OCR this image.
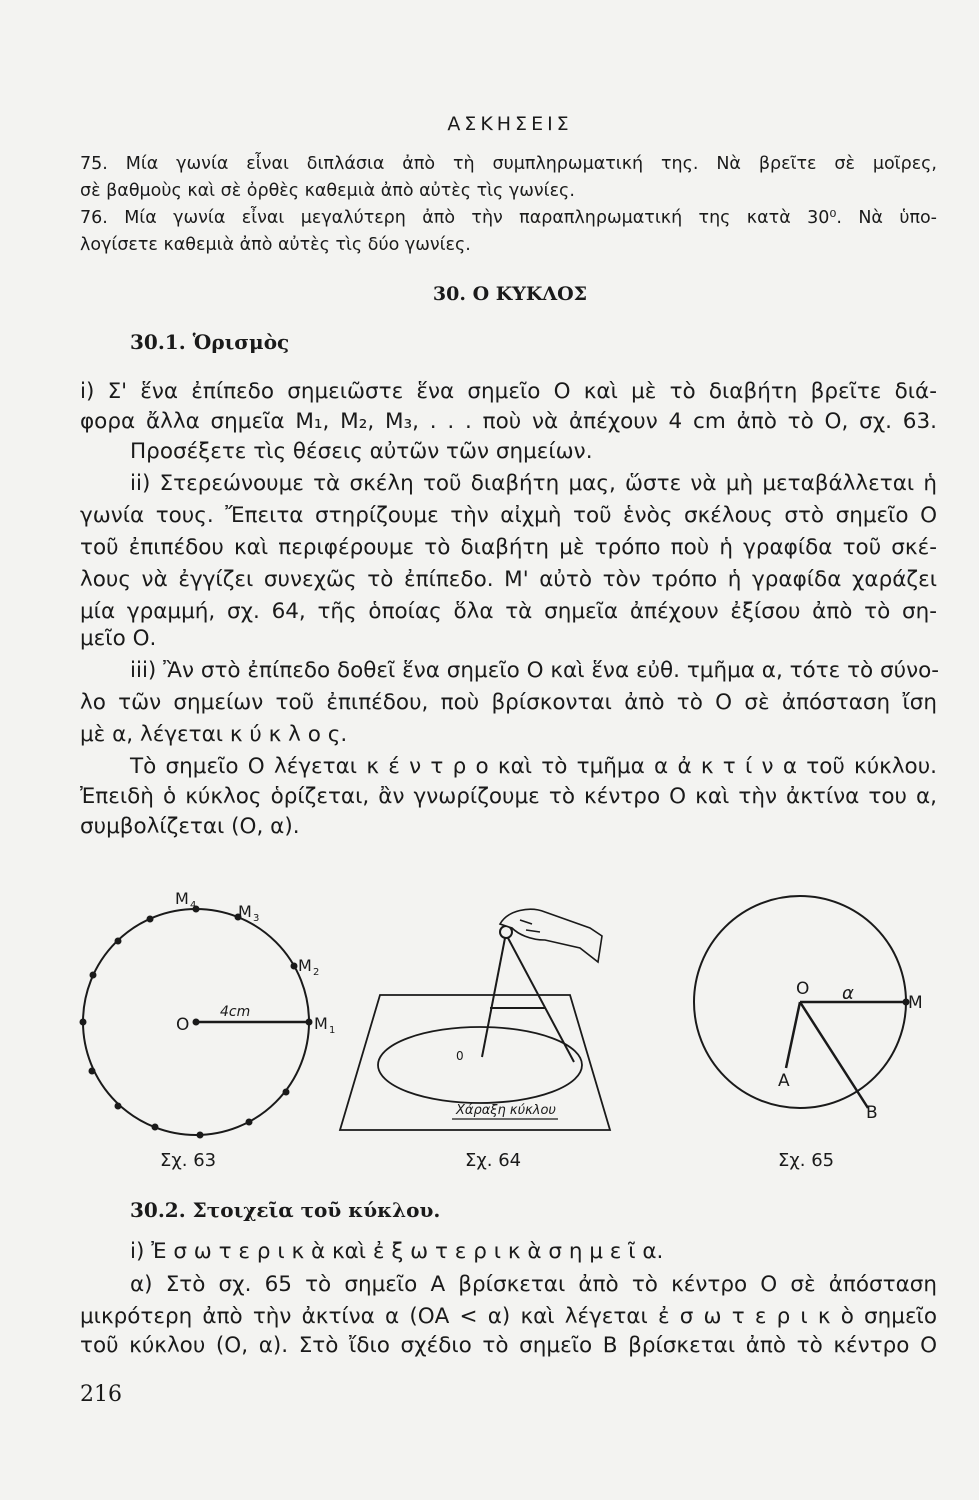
ΑΣΚΗΣΕΙΣ
75. Μία γωνία εἶναι διπλάσια ἀπὸ τὴ συμπληρωματική της. Νὰ βρεῖτε σὲ μοῖρες,
σὲ βαθμοὺς καὶ σὲ ὀρθὲς καθεμιὰ ἀπὸ αὐτὲς τὶς γωνίες.
76. Μία γωνία εἶναι μεγαλύτερη ἀπὸ τὴν παραπληρωματική της κατὰ 30⁰. Νὰ ὑπο-
λογίσετε καθεμιὰ ἀπὸ αὐτὲς τὶς δύο γωνίες.
30. Ο ΚΥΚΛΟΣ
30.1. Ὁρισμὸς
i) Σ' ἕνα ἐπίπεδο σημειῶστε ἕνα σημεῖο Ο καὶ μὲ τὸ διαβήτη βρεῖτε διά-
φορα ἄλλα σημεῖα M₁, M₂, M₃, . . . ποὺ νὰ ἀπέχουν 4 cm ἀπὸ τὸ Ο, σχ. 63.
Προσέξετε τὶς θέσεις αὐτῶν τῶν σημείων.
ii) Στερεώνουμε τὰ σκέλη τοῦ διαβήτη μας, ὥστε νὰ μὴ μεταβάλλεται ἡ
γωνία τους. Ἔπειτα στηρίζουμε τὴν αἰχμὴ τοῦ ἑνὸς σκέλους στὸ σημεῖο Ο
τοῦ ἐπιπέδου καὶ περιφέρουμε τὸ διαβήτη μὲ τρόπο ποὺ ἡ γραφίδα τοῦ σκέ-
λους νὰ ἐγγίζει συνεχῶς τὸ ἐπίπεδο. Μ' αὐτὸ τὸν τρόπο ἡ γραφίδα χαράζει
μία γραμμή, σχ. 64, τῆς ὁποίας ὅλα τὰ σημεῖα ἀπέχουν ἐξίσου ἀπὸ τὸ ση-
μεῖο Ο.
iii) Ἂν στὸ ἐπίπεδο δοθεῖ ἕνα σημεῖο Ο καὶ ἕνα εὐθ. τμῆμα α, τότε τὸ σύνο-
λο τῶν σημείων τοῦ ἐπιπέδου, ποὺ βρίσκονται ἀπὸ τὸ Ο σὲ ἀπόσταση ἴση
μὲ α, λέγεται κ ύ κ λ ο ς.
Τὸ σημεῖο Ο λέγεται κ έ ν τ ρ ο καὶ τὸ τμῆμα α ἀ κ τ ί ν α τοῦ κύκλου.
Ἐπειδὴ ὁ κύκλος ὁρίζεται, ἂν γνωρίζουμε τὸ κέντρο Ο καὶ τὴν ἀκτίνα του α,
συμβολίζεται (Ο, α).
O
4cm
M 1
M 2
M 3
M 4
Σχ. 63
0
Χάραξη κύκλου
Σχ. 64
O α	M
A
B
Σχ. 65
30.2. Στοιχεῖα τοῦ κύκλου.
i) Ἐ σ ω τ ε ρ ι κ ὰ καὶ ἐ ξ ω τ ε ρ ι κ ὰ σ η μ ε ῖ α.
α) Στὸ σχ. 65 τὸ σημεῖο Α βρίσκεται ἀπὸ τὸ κέντρο Ο σὲ ἀπόσταση
μικρότερη ἀπὸ τὴν ἀκτίνα α (ΟΑ < α) καὶ λέγεται ἐ σ ω τ ε ρ ι κ ὸ σημεῖο
τοῦ κύκλου (Ο, α). Στὸ ἴδιο σχέδιο τὸ σημεῖο Β βρίσκεται ἀπὸ τὸ κέντρο Ο
216
